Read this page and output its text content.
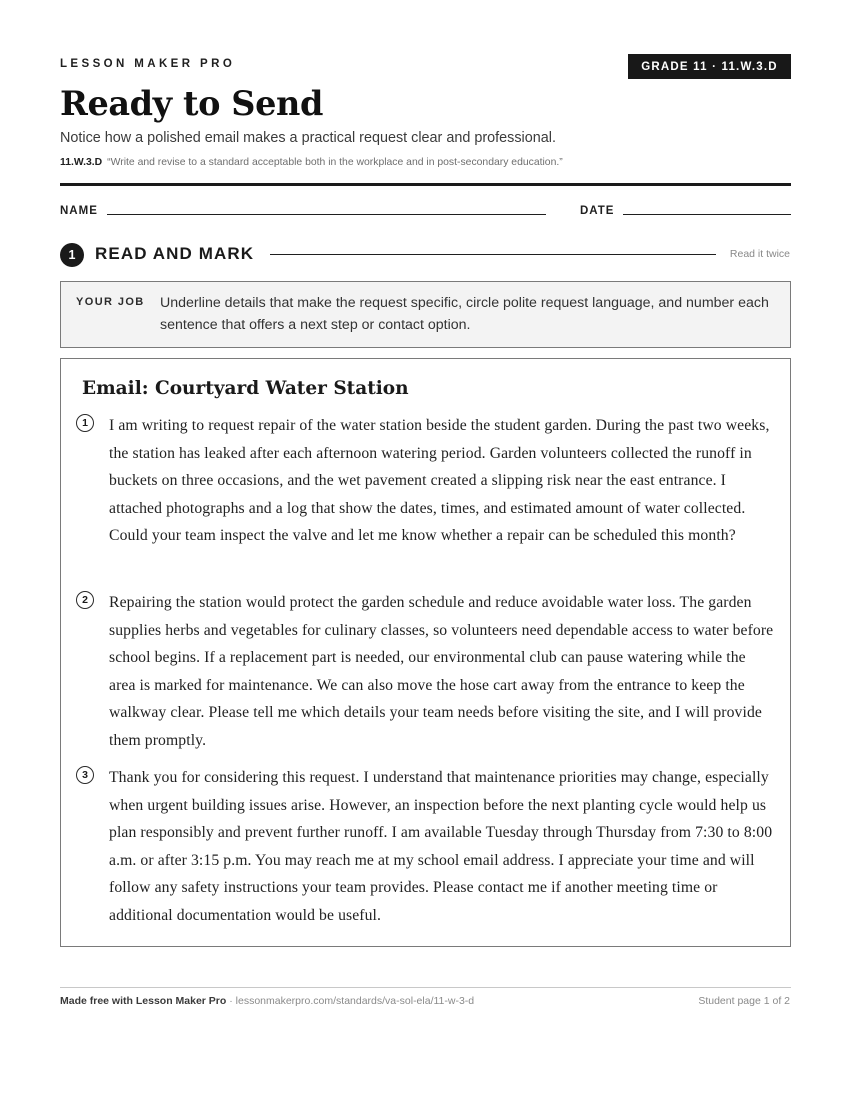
LESSON MAKER PRO	GRADE 11 · 11.W.3.D
Ready to Send
Notice how a polished email makes a practical request clear and professional.
11.W.3.D “Write and revise to a standard acceptable both in the workplace and in post-secondary education.”
NAME	DATE
1	READ AND MARK	Read it twice
YOUR JOB Underline details that make the request specific, circle polite request language, and number each sentence that offers a next step or contact option.
Email: Courtyard Water Station
1	I am writing to request repair of the water station beside the student garden. During the past two weeks, the station has leaked after each afternoon watering period. Garden volunteers collected the runoff in buckets on three occasions, and the wet pavement created a slipping risk near the east entrance. I attached photographs and a log that show the dates, times, and estimated amount of water collected. Could your team inspect the valve and let me know whether a repair can be scheduled this month?

2	Repairing the station would protect the garden schedule and reduce avoidable water loss. The garden supplies herbs and vegetables for culinary classes, so volunteers need dependable access to water before school begins. If a replacement part is needed, our environmental club can pause watering while the area is marked for maintenance. We can also move the hose cart away from the entrance to keep the walkway clear. Please tell me which details your team needs before visiting the site, and I will provide them promptly.

3	Thank you for considering this request. I understand that maintenance priorities may change, especially when urgent building issues arise. However, an inspection before the next planting cycle would help us plan responsibly and prevent further runoff. I am available Tuesday through Thursday from 7:30 to 8:00 a.m. or after 3:15 p.m. You may reach me at my school email address. I appreciate your time and will follow any safety instructions your team provides. Please contact me if another meeting time or additional documentation would be useful.

Made free with Lesson Maker Pro · lessonmakerpro.com/standards/va-sol-ela/11-w-3-d	Student page 1 of 2
